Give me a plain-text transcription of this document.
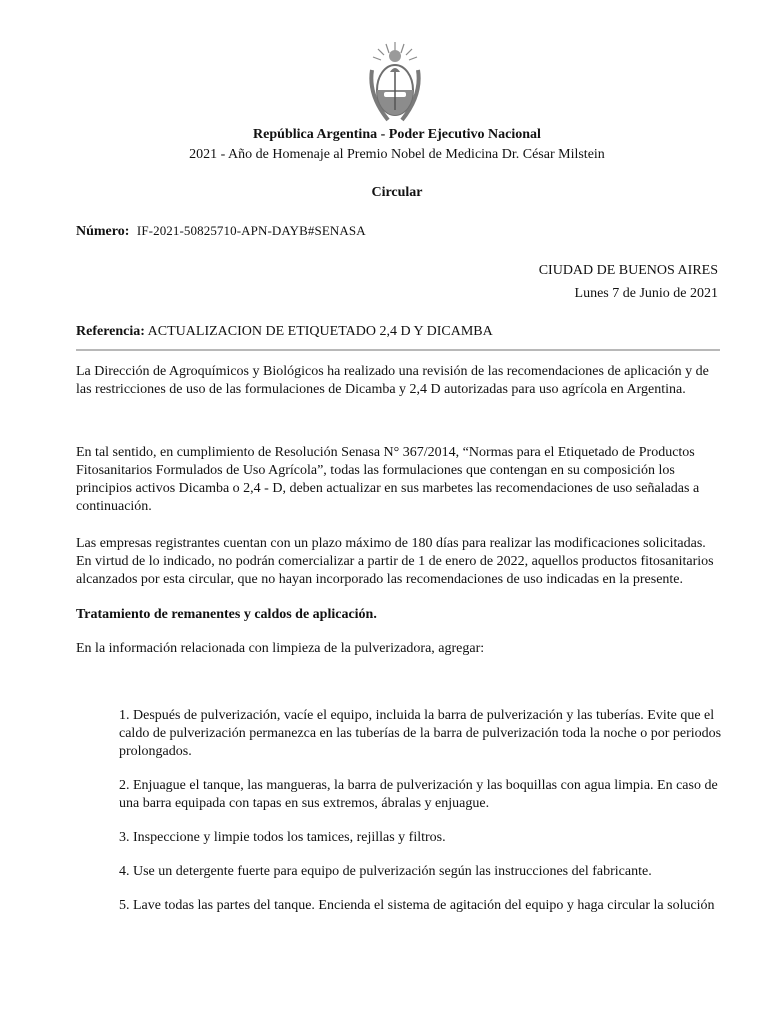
República Argentina - Poder Ejecutivo Nacional
2021 - Año de Homenaje al Premio Nobel de Medicina Dr. César Milstein
Circular
Número: IF-2021-50825710-APN-DAYB#SENASA
CIUDAD DE BUENOS AIRES
Lunes 7 de Junio de 2021
Referencia: ACTUALIZACION DE ETIQUETADO 2,4 D Y DICAMBA

La Dirección de Agroquímicos y Biológicos ha realizado una revisión de las recomendaciones de aplicación y de las restricciones de uso de las formulaciones de Dicamba y 2,4 D autorizadas para uso agrícola en Argentina.

En tal sentido, en cumplimiento de Resolución Senasa N° 367/2014, “Normas para el Etiquetado de Productos Fitosanitarios Formulados de Uso Agrícola”, todas las formulaciones que contengan en su composición los principios activos Dicamba o 2,4 - D, deben actualizar en sus marbetes las recomendaciones de uso señaladas a continuación.

Las empresas registrantes cuentan con un plazo máximo de 180 días para realizar las modificaciones solicitadas. En virtud de lo indicado, no podrán comercializar a partir de 1 de enero de 2022, aquellos productos fitosanitarios alcanzados por esta circular, que no hayan incorporado las recomendaciones de uso indicadas en la presente.

Tratamiento de remanentes y caldos de aplicación.

En la información relacionada con limpieza de la pulverizadora, agregar:

1. Después de pulverización, vacíe el equipo, incluida la barra de pulverización y las tuberías. Evite que el caldo de pulverización permanezca en las tuberías de la barra de pulverización toda la noche o por periodos prolongados.

2. Enjuague el tanque, las mangueras, la barra de pulverización y las boquillas con agua limpia. En caso de una barra equipada con tapas en sus extremos, ábralas y enjuague.

3. Inspeccione y limpie todos los tamices, rejillas y filtros.

4. Use un detergente fuerte para equipo de pulverización según las instrucciones del fabricante.

5. Lave todas las partes del tanque. Encienda el sistema de agitación del equipo y haga circular la solución
